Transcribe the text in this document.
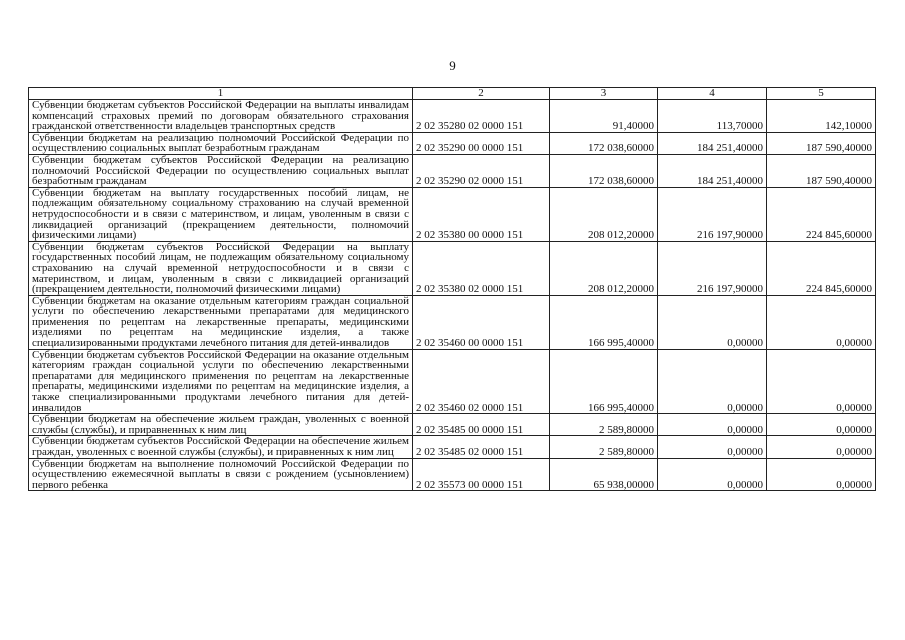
9
1	2	3	4	5
Субвенции бюджетам субъектов Российской Федерации на выплаты инвалидам компенсаций страховых премий по договорам обязательного страхования гражданской ответственности владельцев транспортных средств	2 02 35280 02 0000 151	91,40000	113,70000	142,10000
Субвенции бюджетам на реализацию полномочий Российской Федерации по осуществлению социальных выплат безработным гражданам	2 02 35290 00 0000 151	172 038,60000	184 251,40000	187 590,40000
Субвенции бюджетам субъектов Российской Федерации на реализацию полномочий Российской Федерации по осуществлению социальных выплат безработным гражданам	2 02 35290 02 0000 151	172 038,60000	184 251,40000	187 590,40000
Субвенции бюджетам на выплату государственных пособий лицам, не подлежащим обязательному социальному страхованию на случай временной нетрудоспособности и в связи с материнством, и лицам, уволенным в связи с ликвидацией организаций (прекращением деятельности, полномочий физическими лицами)	2 02 35380 00 0000 151	208 012,20000	216 197,90000	224 845,60000
Субвенции бюджетам субъектов Российской Федерации на выплату государственных пособий лицам, не подлежащим обязательному социальному страхованию на случай временной нетрудоспособности и в связи с материнством, и лицам, уволенным в связи с ликвидацией организаций (прекращением деятельности, полномочий физическими лицами)	2 02 35380 02 0000 151	208 012,20000	216 197,90000	224 845,60000
Субвенции бюджетам на оказание отдельным категориям граждан социальной услуги по обеспечению лекарственными препаратами для медицинского применения по рецептам на лекарственные препараты, медицинскими изделиями по рецептам на медицинские изделия, а также специализированными продуктами лечебного питания для детей-инвалидов	2 02 35460 00 0000 151	166 995,40000	0,00000	0,00000
Субвенции бюджетам субъектов Российской Федерации на оказание отдельным категориям граждан социальной услуги по обеспечению лекарственными препаратами для медицинского применения по рецептам на лекарственные препараты, медицинскими изделиями по рецептам на медицинские изделия, а также специализированными продуктами лечебного питания для детей-инвалидов	2 02 35460 02 0000 151	166 995,40000	0,00000	0,00000
Субвенции бюджетам на обеспечение жильем граждан, уволенных с военной службы (службы), и приравненных к ним лиц	2 02 35485 00 0000 151	2 589,80000	0,00000	0,00000
Субвенции бюджетам субъектов Российской Федерации на обеспечение жильем граждан, уволенных с военной службы (службы), и приравненных к ним лиц	2 02 35485 02 0000 151	2 589,80000	0,00000	0,00000
Субвенции бюджетам на выполнение полномочий Российской Федерации по осуществлению ежемесячной выплаты в связи с рождением (усыновлением) первого ребенка	2 02 35573 00 0000 151	65 938,00000	0,00000	0,00000
